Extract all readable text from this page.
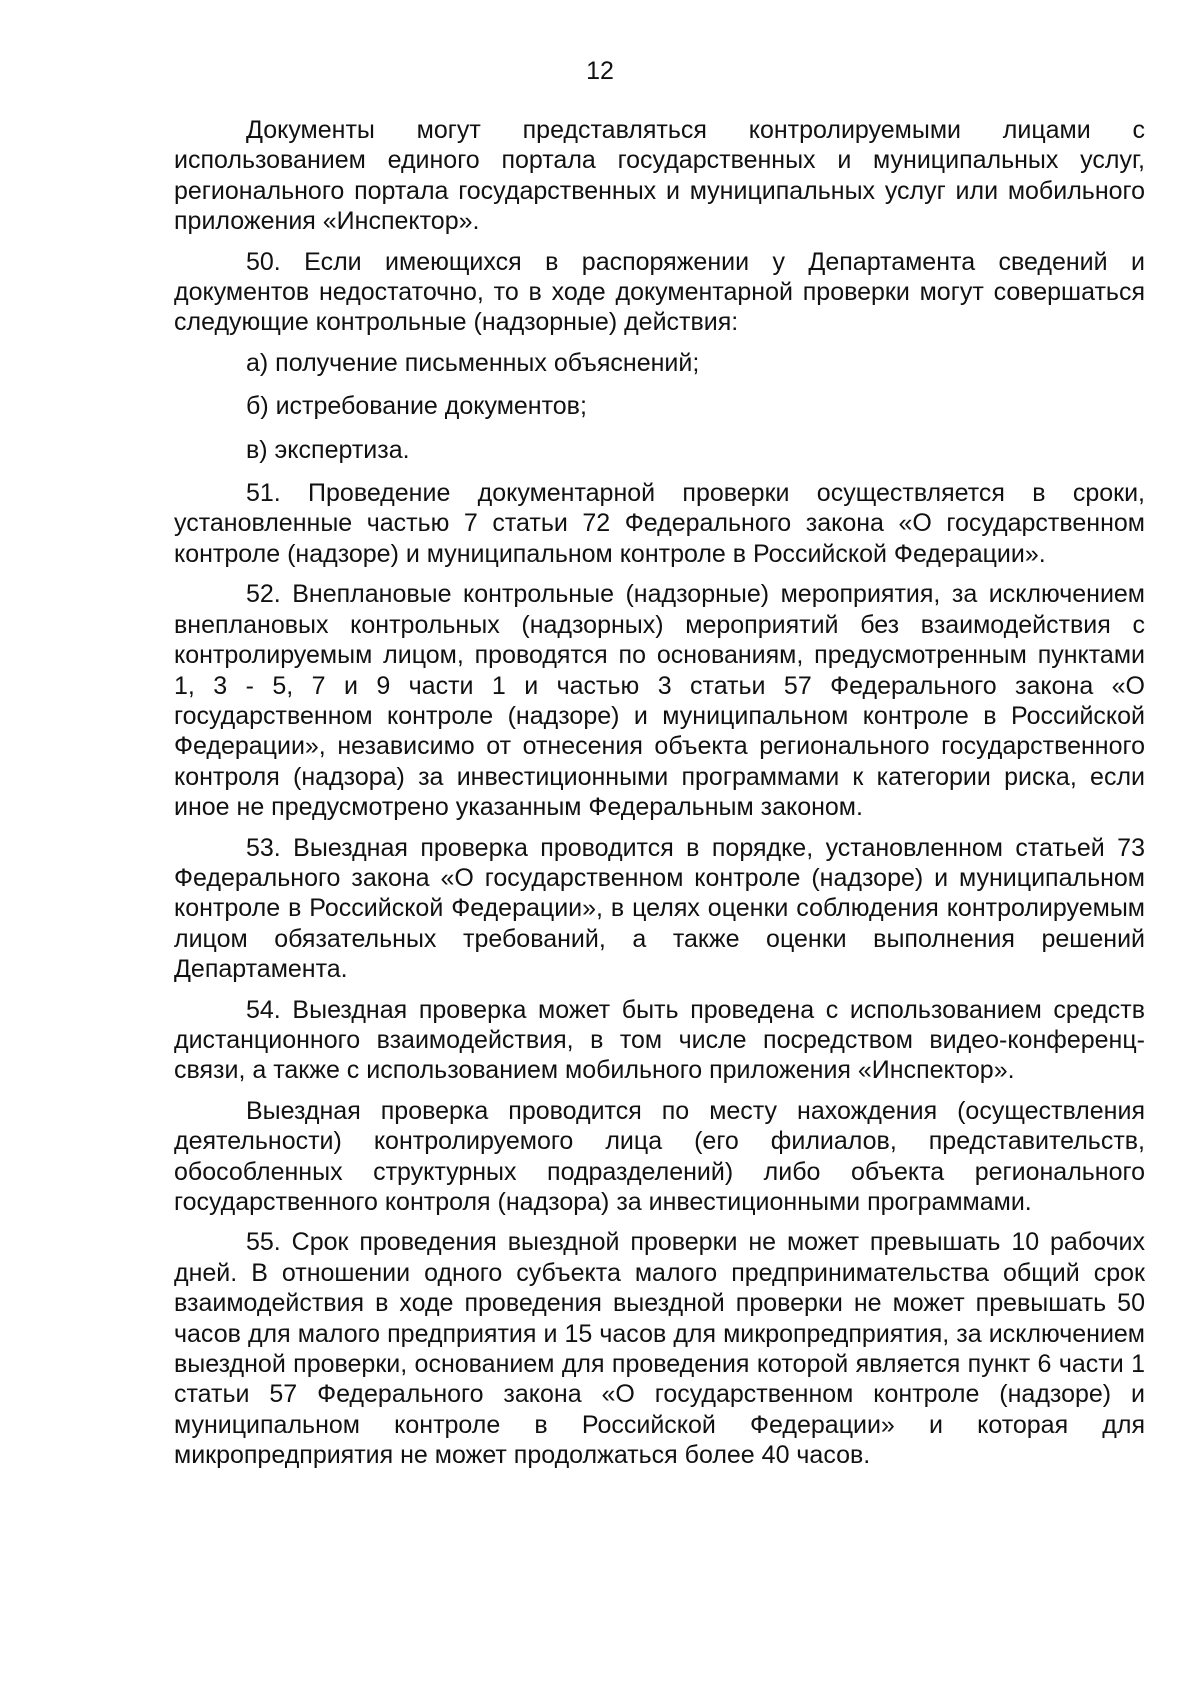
12

Документы могут представляться контролируемыми лицами с использованием единого портала государственных и муниципальных услуг, регионального портала государственных и муниципальных услуг или мобильного приложения «Инспектор».

50. Если имеющихся в распоряжении у Департамента сведений и документов недостаточно, то в ходе документарной проверки могут совершаться следующие контрольные (надзорные) действия:

а) получение письменных объяснений;

б) истребование документов;

в) экспертиза.

51. Проведение документарной проверки осуществляется в сроки, установленные частью 7 статьи 72 Федерального закона «О государственном контроле (надзоре) и муниципальном контроле в Российской Федерации».

52. Внеплановые контрольные (надзорные) мероприятия, за исключением внеплановых контрольных (надзорных) мероприятий без взаимодействия с контролируемым лицом, проводятся по основаниям, предусмотренным пунктами 1, 3 - 5, 7 и 9 части 1 и частью 3 статьи 57 Федерального закона «О государственном контроле (надзоре) и муниципальном контроле в Российской Федерации», независимо от отнесения объекта регионального государственного контроля (надзора) за инвестиционными программами к категории риска, если иное не предусмотрено указанным Федеральным законом.

53. Выездная проверка проводится в порядке, установленном статьей 73 Федерального закона «О государственном контроле (надзоре) и муниципальном контроле в Российской Федерации», в целях оценки соблюдения контролируемым лицом обязательных требований, а также оценки выполнения решений Департамента.

54. Выездная проверка может быть проведена с использованием средств дистанционного взаимодействия, в том числе посредством видео-конференц-связи, а также с использованием мобильного приложения «Инспектор».

Выездная проверка проводится по месту нахождения (осуществления деятельности) контролируемого лица (его филиалов, представительств, обособленных структурных подразделений) либо объекта регионального государственного контроля (надзора) за инвестиционными программами.

55. Срок проведения выездной проверки не может превышать 10 рабочих дней. В отношении одного субъекта малого предпринимательства общий срок взаимодействия в ходе проведения выездной проверки не может превышать 50 часов для малого предприятия и 15 часов для микропредприятия, за исключением выездной проверки, основанием для проведения которой является пункт 6 части 1 статьи 57 Федерального закона «О государственном контроле (надзоре) и муниципальном контроле в Российской Федерации» и которая для микропредприятия не может продолжаться более 40 часов.
